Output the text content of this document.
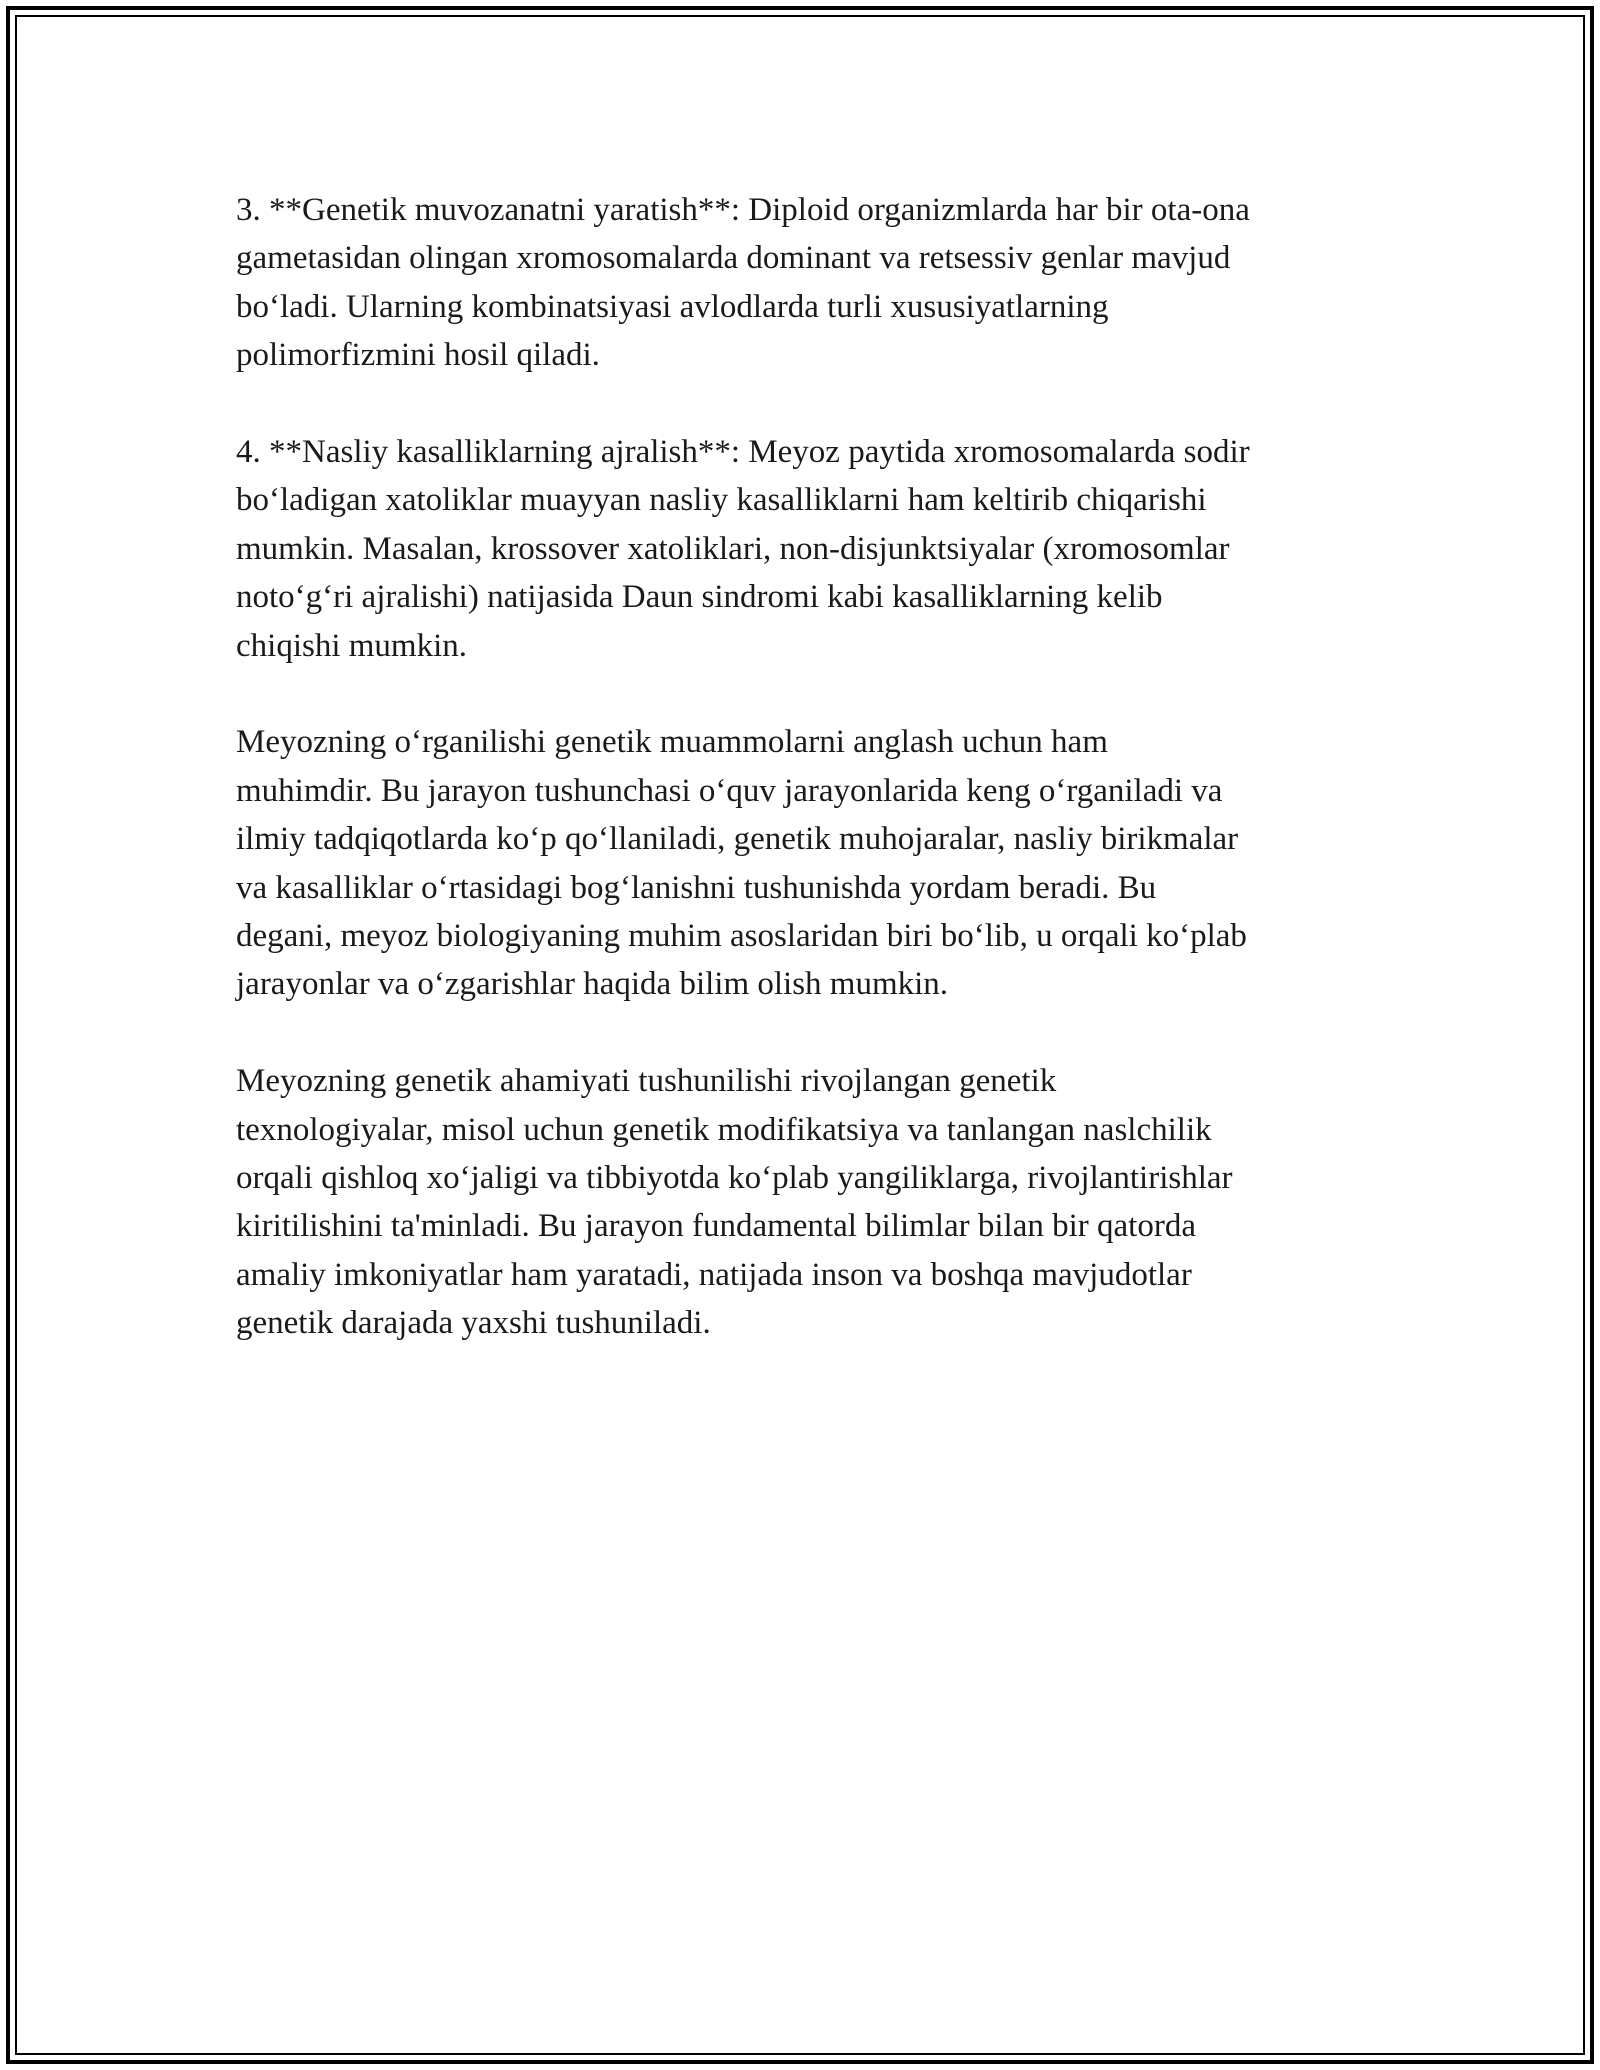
3. **Genetik muvozanatni yaratish**: Diploid organizmlarda har bir ota-ona
gametasidan olingan xromosomalarda dominant va retsessiv genlar mavjud
bo‘ladi. Ularning kombinatsiyasi avlodlarda turli xususiyatlarning
polimorfizmini hosil qiladi.

4. **Nasliy kasalliklarning ajralish**: Meyoz paytida xromosomalarda sodir
bo‘ladigan xatoliklar muayyan nasliy kasalliklarni ham keltirib chiqarishi
mumkin. Masalan, krossover xatoliklari, non-disjunktsiyalar (xromosomlar
noto‘g‘ri ajralishi) natijasida Daun sindromi kabi kasalliklarning kelib
chiqishi mumkin.

Meyozning o‘rganilishi genetik muammolarni anglash uchun ham
muhimdir. Bu jarayon tushunchasi o‘quv jarayonlarida keng o‘rganiladi va
ilmiy tadqiqotlarda ko‘p qo‘llaniladi, genetik muhojaralar, nasliy birikmalar
va kasalliklar o‘rtasidagi bog‘lanishni tushunishda yordam beradi. Bu
degani, meyoz biologiyaning muhim asoslaridan biri bo‘lib, u orqali ko‘plab
jarayonlar va o‘zgarishlar haqida bilim olish mumkin.

Meyozning genetik ahamiyati tushunilishi rivojlangan genetik
texnologiyalar, misol uchun genetik modifikatsiya va tanlangan naslchilik
orqali qishloq xo‘jaligi va tibbiyotda ko‘plab yangiliklarga, rivojlantirishlar
kiritilishini ta'minladi. Bu jarayon fundamental bilimlar bilan bir qatorda
amaliy imkoniyatlar ham yaratadi, natijada inson va boshqa mavjudotlar
genetik darajada yaxshi tushuniladi.
